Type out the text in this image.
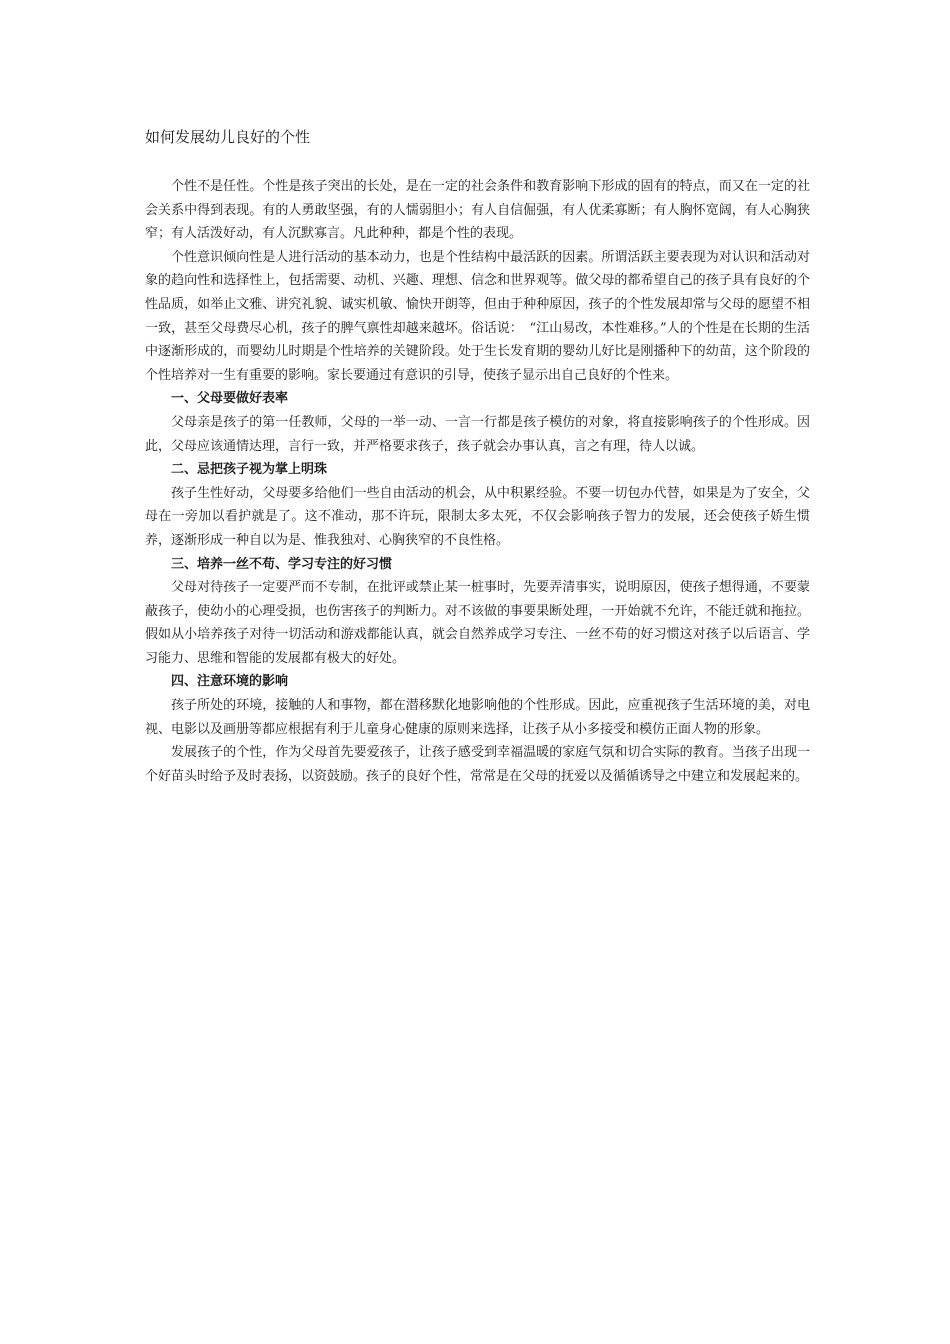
如何发展幼儿良好的个性

个性不是任性。个性是孩子突出的长处，是在一定的社会条件和教育影响下形成的固有的特点，而又在一定的社会关系中得到表现。有的人勇敢坚强，有的人懦弱胆小；有人自信倔强，有人优柔寡断；有人胸怀宽阔，有人心胸狭窄；有人活泼好动，有人沉默寡言。凡此种种，都是个性的表现。

个性意识倾向性是人进行活动的基本动力，也是个性结构中最活跃的因素。所谓活跃主要表现为对认识和活动对象的趋向性和选择性上，包括需要、动机、兴趣、理想、信念和世界观等。做父母的都希望自己的孩子具有良好的个性品质，如举止文雅、讲究礼貌、诚实机敏、愉快开朗等，但由于种种原因，孩子的个性发展却常与父母的愿望不相一致，甚至父母费尽心机，孩子的脾气禀性却越来越坏。俗话说：　“江山易改，本性难移。”人的个性是在长期的生活中逐渐形成的，而婴幼儿时期是个性培养的关键阶段。处于生长发育期的婴幼儿好比是刚播种下的幼苗，这个阶段的个性培养对一生有重要的影响。家长要通过有意识的引导，使孩子显示出自己良好的个性来。

一、父母要做好表率

父母亲是孩子的第一任教师，父母的一举一动、一言一行都是孩子模仿的对象，将直接影响孩子的个性形成。因此，父母应该通情达理，言行一致，并严格要求孩子，孩子就会办事认真，言之有理，待人以诚。

二、忌把孩子视为掌上明珠

孩子生性好动，父母要多给他们一些自由活动的机会，从中积累经验。不要一切包办代替，如果是为了安全，父母在一旁加以看护就是了。这不准动，那不许玩，限制太多太死，不仅会影响孩子智力的发展，还会使孩子娇生惯养，逐渐形成一种自以为是、惟我独对、心胸狭窄的不良性格。

三、培养一丝不苟、学习专注的好习惯

父母对待孩子一定要严而不专制，在批评或禁止某一桩事时，先要弄清事实，说明原因，使孩子想得通，不要蒙蔽孩子，使幼小的心理受损，也伤害孩子的判断力。对不该做的事要果断处理，一开始就不允许，不能迁就和拖拉。假如从小培养孩子对待一切活动和游戏都能认真，就会自然养成学习专注、一丝不苟的好习惯这对孩子以后语言、学习能力、思维和智能的发展都有极大的好处。

四、注意环境的影响

孩子所处的环境，接触的人和事物，都在潜移默化地影响他的个性形成。因此，应重视孩子生活环境的美，对电视、电影以及画册等都应根据有利于儿童身心健康的原则来选择，让孩子从小多接受和模仿正面人物的形象。

发展孩子的个性，作为父母首先要爱孩子，让孩子感受到幸福温暖的家庭气氛和切合实际的教育。当孩子出现一个好苗头时给予及时表扬，以资鼓励。孩子的良好个性，常常是在父母的抚爱以及循循诱导之中建立和发展起来的。
